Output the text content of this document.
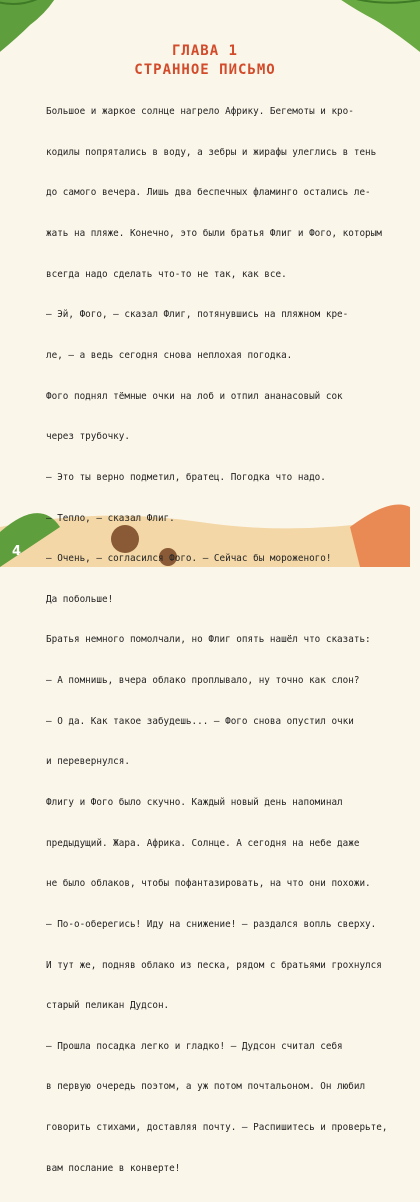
ГЛАВА 1
СТРАННОЕ ПИСЬМО

Большое и жаркое солнце нагрело Африку. Бегемоты и кро-

кодилы попрятались в воду, а зебры и жирафы улеглись в тень

до самого вечера. Лишь два беспечных фламинго остались ле-

жать на пляже. Конечно, это были братья Флиг и Фого, которым

всегда надо сделать что-то не так, как все.

— Эй, Фого, — сказал Флиг, потянувшись на пляжном кре-

ле, — а ведь сегодня снова неплохая погодка.

Фого поднял тёмные очки на лоб и отпил ананасовый сок

через трубочку.

— Это ты верно подметил, братец. Погодка что надо.

— Тепло, — сказал Флиг.

— Очень, — согласился Фого. — Сейчас бы мороженого!

Да побольше!

Братья немного помолчали, но Флиг опять нашёл что сказать:

— А помнишь, вчера облако проплывало, ну точно как слон?

— О да. Как такое забудешь... — Фого снова опустил очки

и перевернулся.

Флигу и Фого было скучно. Каждый новый день напоминал

предыдущий. Жара. Африка. Солнце. А сегодня на небе даже

не было облаков, чтобы пофантазировать, на что они похожи.

— По-о-оберегись! Иду на снижение! — раздался вопль сверху.

И тут же, подняв облако из песка, рядом с братьями грохнулся

старый пеликан Дудсон.

— Прошла посадка легко и гладко! — Дудсон считал себя

в первую очередь поэтом, а уж потом почтальоном. Он любил

говорить стихами, доставляя почту. — Распишитесь и проверьте,

вам послание в конверте!

4
